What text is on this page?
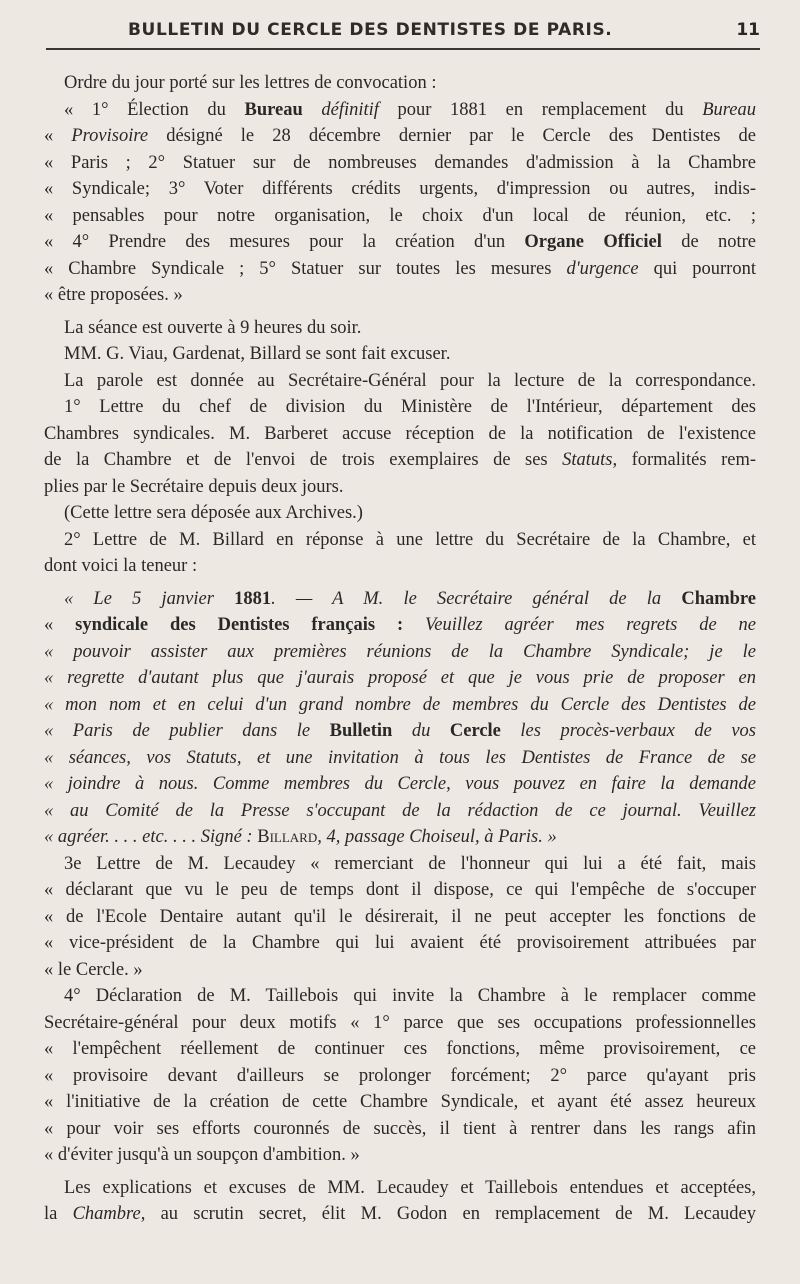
BULLETIN DU CERCLE DES DENTISTES DE PARIS.	11
Ordre du jour porté sur les lettres de convocation :
« 1° Élection du Bureau définitif pour 1881 en remplacement du Bureau
« Provisoire désigné le 28 décembre dernier par le Cercle des Dentistes de
« Paris ; 2° Statuer sur de nombreuses demandes d'admission à la Chambre
« Syndicale; 3° Voter différents crédits urgents, d'impression ou autres, indis-
« pensables pour notre organisation, le choix d'un local de réunion, etc. ;
« 4° Prendre des mesures pour la création d'un Organe Officiel de notre
« Chambre Syndicale ; 5° Statuer sur toutes les mesures d'urgence qui pourront
« être proposées. »
La séance est ouverte à 9 heures du soir.
MM. G. Viau, Gardenat, Billard se sont fait excuser.
La parole est donnée au Secrétaire-Général pour la lecture de la correspondance.
1° Lettre du chef de division du Ministère de l'Intérieur, département des
Chambres syndicales. M. Barberet accuse réception de la notification de l'existence
de la Chambre et de l'envoi de trois exemplaires de ses Statuts, formalités rem-
plies par le Secrétaire depuis deux jours.
(Cette lettre sera déposée aux Archives.)
2° Lettre de M. Billard en réponse à une lettre du Secrétaire de la Chambre, et
dont voici la teneur :
« Le 5 janvier 1881. — A M. le Secrétaire général de la Chambre
« syndicale des Dentistes français : Veuillez agréer mes regrets de ne
« pouvoir assister aux premières réunions de la Chambre Syndicale; je le
« regrette d'autant plus que j'aurais proposé et que je vous prie de proposer en
« mon nom et en celui d'un grand nombre de membres du Cercle des Dentistes de
« Paris de publier dans le Bulletin du Cercle les procès-verbaux de vos
« séances, vos Statuts, et une invitation à tous les Dentistes de France de se
« joindre à nous. Comme membres du Cercle, vous pouvez en faire la demande
« au Comité de la Presse s'occupant de la rédaction de ce journal. Veuillez
« agréer. . . . etc. . . . Signé : Billard, 4, passage Choiseul, à Paris. »
3e Lettre de M. Lecaudey « remerciant de l'honneur qui lui a été fait, mais
« déclarant que vu le peu de temps dont il dispose, ce qui l'empêche de s'occuper
« de l'Ecole Dentaire autant qu'il le désirerait, il ne peut accepter les fonctions de
« vice-président de la Chambre qui lui avaient été provisoirement attribuées par
« le Cercle. »
4° Déclaration de M. Taillebois qui invite la Chambre à le remplacer comme
Secrétaire-général pour deux motifs « 1° parce que ses occupations professionnelles
« l'empêchent réellement de continuer ces fonctions, même provisoirement, ce
« provisoire devant d'ailleurs se prolonger forcément; 2° parce qu'ayant pris
« l'initiative de la création de cette Chambre Syndicale, et ayant été assez heureux
« pour voir ses efforts couronnés de succès, il tient à rentrer dans les rangs afin
« d'éviter jusqu'à un soupçon d'ambition. »
Les explications et excuses de MM. Lecaudey et Taillebois entendues et acceptées,
la Chambre, au scrutin secret, élit M. Godon en remplacement de M. Lecaudey
